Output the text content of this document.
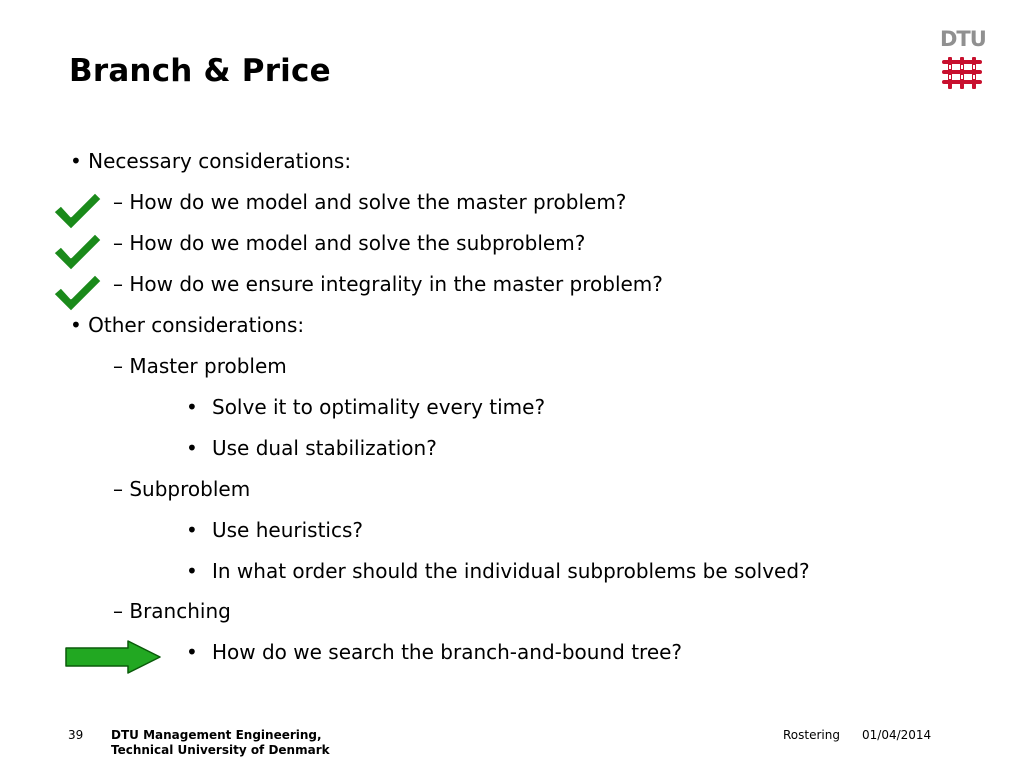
Branch & Price
DTU
• Necessary considerations:
– How do we model and solve the master problem?
– How do we model and solve the subproblem?
– How do we ensure integrality in the master problem?
• Other considerations:
– Master problem
• Solve it to optimality every time?
• Use dual stabilization?
– Subproblem
• Use heuristics?
• In what order should the individual subproblems be solved?
– Branching
• How do we search the branch-and-bound tree?
39 DTU Management Engineering,
Technical University of Denmark
Rostering 01/04/2014
